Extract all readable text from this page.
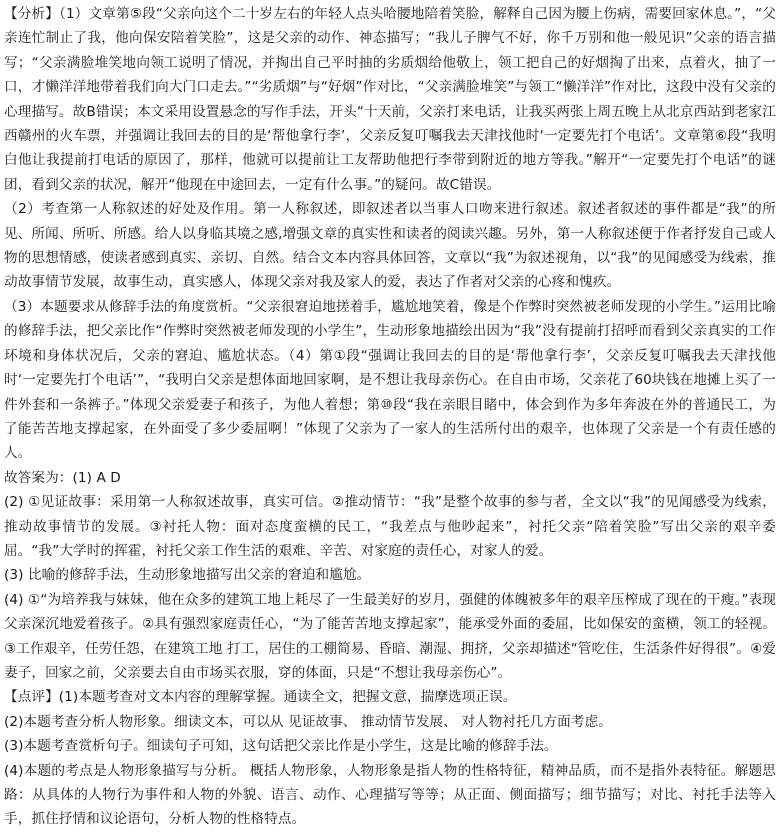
【分析】（1）文章第⑤段“父亲向这个二十岁左右的年轻人点头哈腰地陪着笑脸，解释自己因为腰上伤病，需要回家休息。”，“父亲连忙制止了我，他向保安陪着笑脸”，这是父亲的动作、神态描写；“我儿子脾气不好，你千万别和他一般见识”父亲的语言描写；“父亲满脸堆笑地向领工说明了情况，并掏出自己平时抽的劣质烟给他敬上，领工把自己的好烟掏了出来，点着火，抽了一口，才懒洋洋地带着我们向大门口走去。”“劣质烟”与“好烟”作对比，“父亲满脸堆笑”与领工“懒洋洋”作对比，这段中没有父亲的心理描写。故B错误；本文采用设置悬念的写作手法，开头“十天前，父亲打来电话，让我买两张上周五晚上从北京西站到老家江西赣州的火车票，并强调让我回去的目的是‘帮他拿行李’，父亲反复叮嘱我去天津找他时‘一定要先打个电话’。文章第⑥段“我明白他让我提前打电话的原因了，那样，他就可以提前让工友帮助他把行李带到附近的地方等我。”解开“一定要先打个电话”的谜团，看到父亲的状况，解开“他现在中途回去，一定有什么事。”的疑问。故C错误。

（2）考查第一人称叙述的好处及作用。第一人称叙述，即叙述者以当事人口吻来进行叙述。叙述者叙述的事件都是“我”的所见、所闻、所听、所感。给人以身临其境之感,增强文章的真实性和读者的阅读兴趣。另外，第一人称叙述便于作者抒发自己或人物的思想情感，使读者感到真实、亲切、自然。结合文本内容具体回答，文章以“我”为叙述视角，以“我”的见闻感受为线索，推动故事情节发展，故事生动，真实感人，体现父亲对我及家人的爱，表达了作者对父亲的心疼和愧疚。

（3）本题要求从修辞手法的角度赏析。“父亲很窘迫地搓着手，尴尬地笑着，像是个作弊时突然被老师发现的小学生。”运用比喻的修辞手法，把父亲比作“作弊时突然被老师发现的小学生”，生动形象地描绘出因为“我”没有提前打招呼而看到父亲真实的工作环境和身体状况后，父亲的窘迫、尴尬状态。（4）第①段“强调让我回去的目的是‘帮他拿行李’，父亲反复叮嘱我去天津找他时‘一定要先打个电话’”，“我明白父亲是想体面地回家啊，是不想让我母亲伤心。在自由市场，父亲花了60块钱在地摊上买了一件外套和一条裤子。”体现父亲爱妻子和孩子，为他人着想；第⑩段“我在亲眼目睹中，体会到作为多年奔波在外的普通民工，为了能苦苦地支撑起家，在外面受了多少委屈啊！”体现了父亲为了一家人的生活所付出的艰辛，也体现了父亲是一个有责任感的人。

故答案为：(1) A D

(2) ①见证故事：采用第一人称叙述故事，真实可信。②推动情节：“我”是整个故事的参与者，全文以“我”的见闻感受为线索，推动故事情节的发展。③衬托人物：面对态度蛮横的民工，“我差点与他吵起来”，衬托父亲“陪着笑脸”写出父亲的艰辛委屈。“我”大学时的挥霍，衬托父亲工作生活的艰难、辛苦、对家庭的责任心，对家人的爱。

(3) 比喻的修辞手法，生动形象地描写出父亲的窘迫和尴尬。

(4) ①“为培养我与妹妹，他在众多的建筑工地上耗尽了一生最美好的岁月，强健的体魄被多年的艰辛压榨成了现在的干瘦。”表现父亲深沉地爱着孩子。②具有强烈家庭责任心，“为了能苦苦地支撑起家”，能承受外面的委屈，比如保安的蛮横，领工的轻视。③工作艰辛，任劳任怨，在建筑工地 打工，居住的工棚简易、昏暗、潮湿、拥挤，父亲却描述“管吃住，生活条件好得很”。④爱妻子，回家之前，父亲要去自由市场买衣服，穿的体面，只是“不想让我母亲伤心”。

【点评】(1)本题考查对文本内容的理解掌握。通读全文，把握文意，揣摩选项正误。

(2)本题考查分析人物形象。细读文本，可以从 见证故事、 推动情节发展、 对人物衬托几方面考虑。

(3)本题考查赏析句子。细读句子可知，这句话把父亲比作是小学生，这是比喻的修辞手法。

(4)本题的考点是人物形象描写与分析。 概括人物形象，人物形象是指人物的性格特征，精神品质，而不是指外表特征。解题思路：从具体的人物行为事件和人物的外貌、语言、动作、心理描写等等；从正面、侧面描写；细节描写；对比、衬托手法等入手，抓住抒情和议论语句，分析人物的性格特点。
